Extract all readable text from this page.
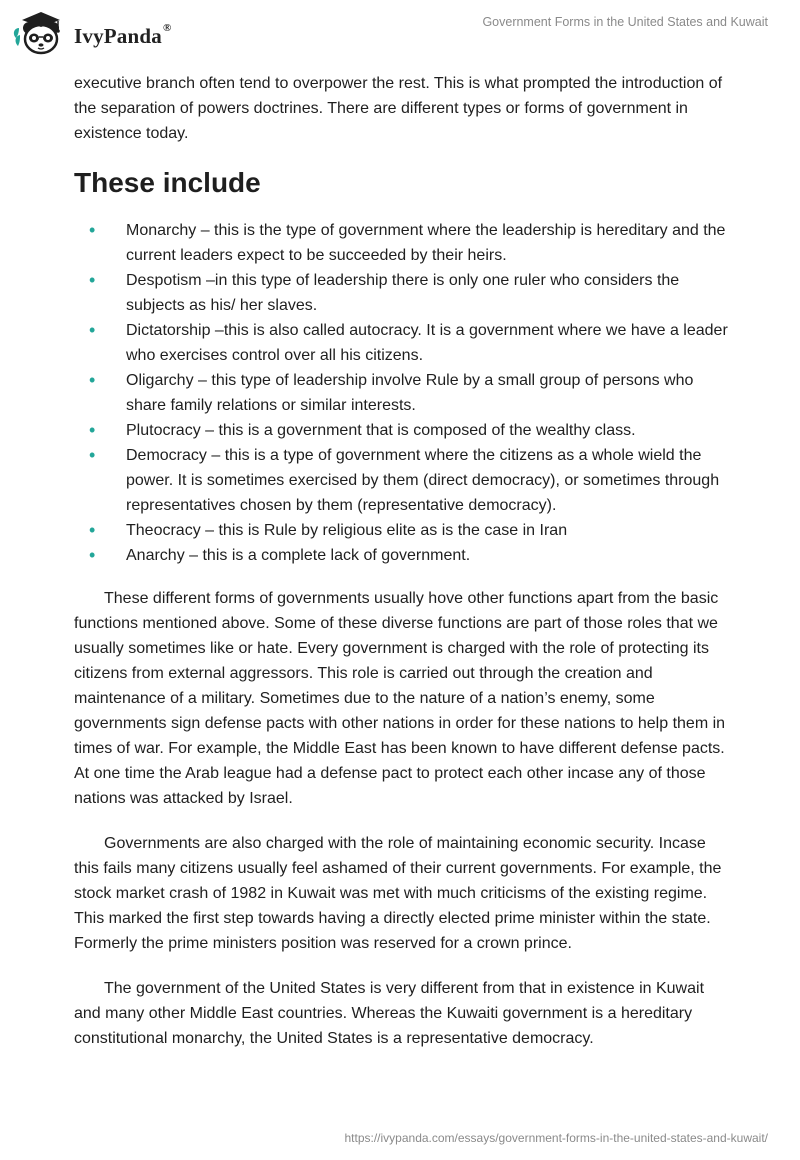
IvyPanda®	Government Forms in the United States and Kuwait

executive branch often tend to overpower the rest. This is what prompted the introduction of the separation of powers doctrines. There are different types or forms of government in existence today.

These include
• Monarchy – this is the type of government where the leadership is hereditary and the current leaders expect to be succeeded by their heirs.
• Despotism –in this type of leadership there is only one ruler who considers the subjects as his/ her slaves.
• Dictatorship –this is also called autocracy. It is a government where we have a leader who exercises control over all his citizens.
• Oligarchy – this type of leadership involve Rule by a small group of persons who share family relations or similar interests.
• Plutocracy – this is a government that is composed of the wealthy class.
• Democracy – this is a type of government where the citizens as a whole wield the power. It is sometimes exercised by them (direct democracy), or sometimes through representatives chosen by them (representative democracy).
• Theocracy – this is Rule by religious elite as is the case in Iran
• Anarchy – this is a complete lack of government.

These different forms of governments usually hove other functions apart from the basic functions mentioned above. Some of these diverse functions are part of those roles that we usually sometimes like or hate. Every government is charged with the role of protecting its citizens from external aggressors. This role is carried out through the creation and maintenance of a military. Sometimes due to the nature of a nation’s enemy, some governments sign defense pacts with other nations in order for these nations to help them in times of war. For example, the Middle East has been known to have different defense pacts. At one time the Arab league had a defense pact to protect each other incase any of those nations was attacked by Israel.

Governments are also charged with the role of maintaining economic security. Incase this fails many citizens usually feel ashamed of their current governments. For example, the stock market crash of 1982 in Kuwait was met with much criticisms of the existing regime. This marked the first step towards having a directly elected prime minister within the state. Formerly the prime ministers position was reserved for a crown prince.

The government of the United States is very different from that in existence in Kuwait and many other Middle East countries. Whereas the Kuwaiti government is a hereditary constitutional monarchy, the United States is a representative democracy.

https://ivypanda.com/essays/government-forms-in-the-united-states-and-kuwait/
